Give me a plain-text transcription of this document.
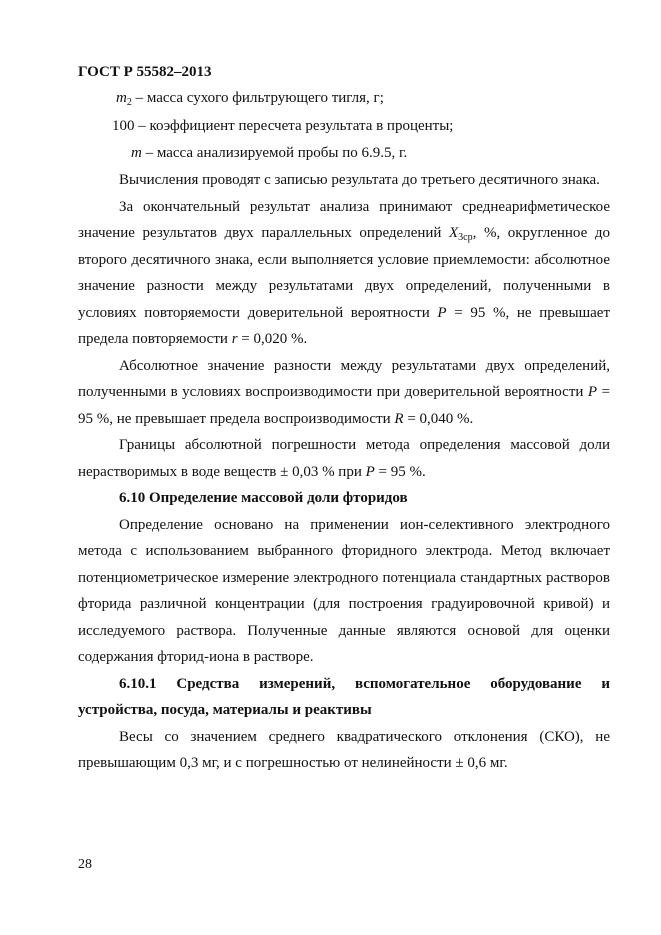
ГОСТ Р 55582–2013
$m_2$ – масса сухого фильтрующего тигля, г;
100 – коэффициент пересчета результата в проценты;
m – масса анализируемой пробы по 6.9.5, г.

Вычисления проводят с записью результата до третьего десятичного знака.

За окончательный результат анализа принимают среднеарифметическое значение результатов двух параллельных определений $X_{3ср}$, %, округленное до второго десятичного знака, если выполняется условие приемлемости: абсолютное значение разности между результатами двух определений, полученными в условиях повторяемости доверительной вероятности P = 95 %, не превышает предела повторяемости r = 0,020 %.

Абсолютное значение разности между результатами двух определений, полученными в условиях воспроизводимости при доверительной вероятности P = 95 %, не превышает предела воспроизводимости R = 0,040 %.

Границы абсолютной погрешности метода определения массовой доли нерастворимых в воде веществ ± 0,03 % при P = 95 %.

6.10 Определение массовой доли фторидов

Определение основано на применении ион-селективного электродного метода с использованием выбранного фторидного электрода. Метод включает потенциометрическое измерение электродного потенциала стандартных растворов фторида различной концентрации (для построения градуировочной кривой) и исследуемого раствора. Полученные данные являются основой для оценки содержания фторид-иона в растворе.

6.10.1 Средства измерений, вспомогательное оборудование и

устройства, посуда, материалы и реактивы

Весы со значением среднего квадратического отклонения (СКО), не превышающим 0,3 мг, и с погрешностью от нелинейности ± 0,6 мг.

28
